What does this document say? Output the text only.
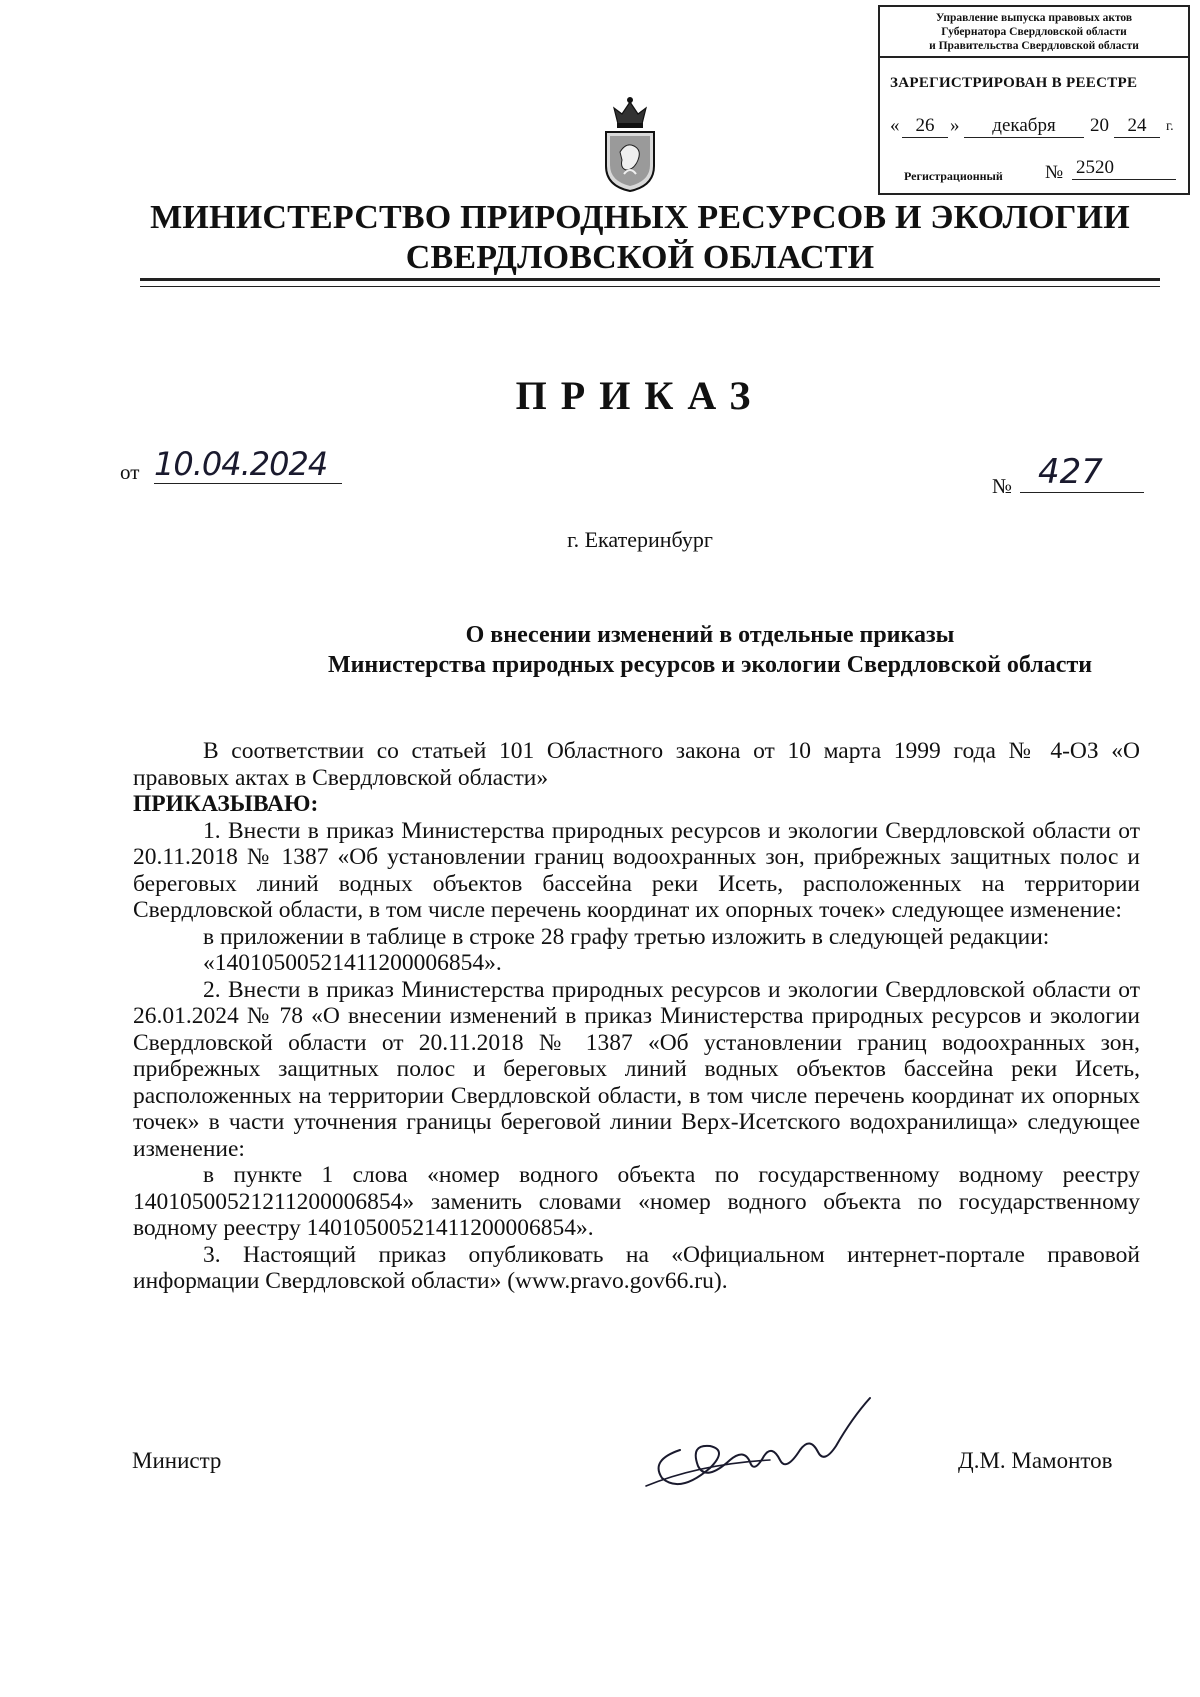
Управление выпуска правовых актов
Губернатора Свердловской области
и Правительства Свердловской области
ЗАРЕГИСТРИРОВАН В РЕЕСТРЕ
« 26 »	декабря	20 24	г.
Регистрационный № 2520
МИНИСТЕРСТВО ПРИРОДНЫХ РЕСУРСОВ И ЭКОЛОГИИ
СВЕРДЛОВСКОЙ ОБЛАСТИ
ПРИКАЗ
от 10.04.2024
№ 427
г. Екатеринбург
О внесении изменений в отдельные приказы
Министерства природных ресурсов и экологии Свердловской области

В соответствии со статьей 101 Областного закона от 10 марта 1999 года № 4-ОЗ «О правовых актах в Свердловской области»

ПРИКАЗЫВАЮ:

1. Внести в приказ Министерства природных ресурсов и экологии Свердловской области от 20.11.2018 № 1387 «Об установлении границ водоохранных зон, прибрежных защитных полос и береговых линий водных объектов бассейна реки Исеть, расположенных на территории Свердловской области, в том числе перечень координат их опорных точек» следующее изменение:

в приложении в таблице в строке 28 графу третью изложить в следующей редакции:

«14010500521411200006854».

2. Внести в приказ Министерства природных ресурсов и экологии Свердловской области от 26.01.2024 № 78 «О внесении изменений в приказ Министерства природных ресурсов и экологии Свердловской области от 20.11.2018 № 1387 «Об установлении границ водоохранных зон, прибрежных защитных полос и береговых линий водных объектов бассейна реки Исеть, расположенных на территории Свердловской области, в том числе перечень координат их опорных точек» в части уточнения границы береговой линии Верх-Исетского водохранилища» следующее изменение:

в пункте 1 слова «номер водного объекта по государственному водному реестру 14010500521211200006854» заменить словами «номер водного объекта по государственному водному реестру 14010500521411200006854».

3. Настоящий приказ опубликовать на «Официальном интернет-портале правовой информации Свердловской области» (www.pravo.gov66.ru).

Министр	Д.М. Мамонтов
